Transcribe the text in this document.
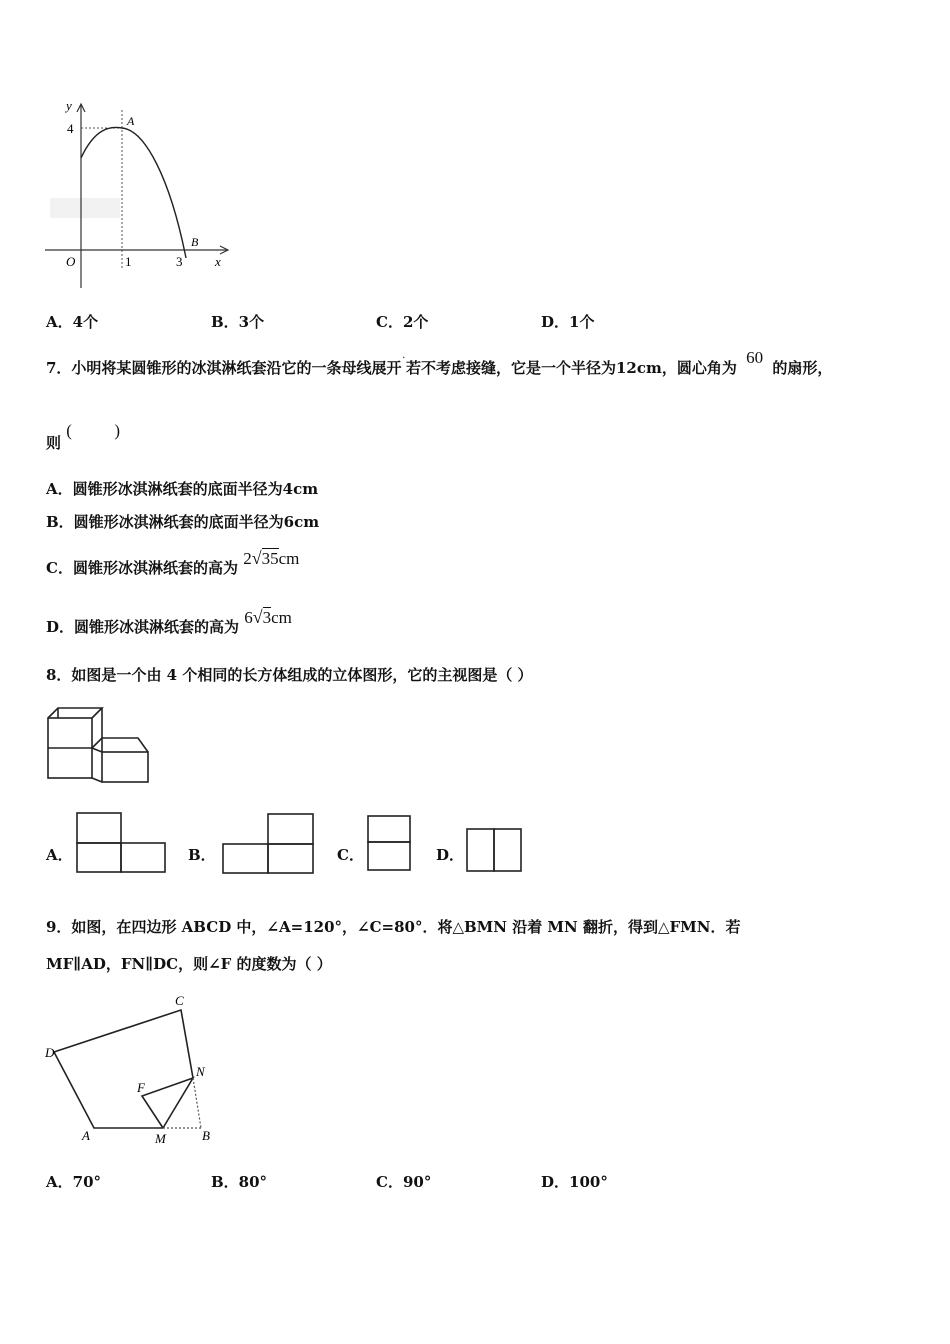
y
4	A
B
O	1	3	x
A．4个	B．3个	C．2个	D．1个
7．小明将某圆锥形的冰淇淋纸套沿它的一条母线展开˙若不考虑接缝，它是一个半径为12cm，圆心角为 60 的扇形，
则 (          )
A．圆锥形冰淇淋纸套的底面半径为4cm
B．圆锥形冰淇淋纸套的底面半径为6cm
C．圆锥形冰淇淋纸套的高为 2√35cm
D．圆锥形冰淇淋纸套的高为 6√3cm
8．如图是一个由 4 个相同的长方体组成的立体图形，它的主视图是（ ）
A．	B．	C．	D．
9．如图，在四边形 ABCD 中，∠A=120°，∠C=80°．将△BMN 沿着 MN 翻折，得到△FMN．若
MF∥AD，FN∥DC，则∠F 的度数为（ ）
C
D
N
F
A	M	B
A．70°	B．80°	C．90°	D．100°
